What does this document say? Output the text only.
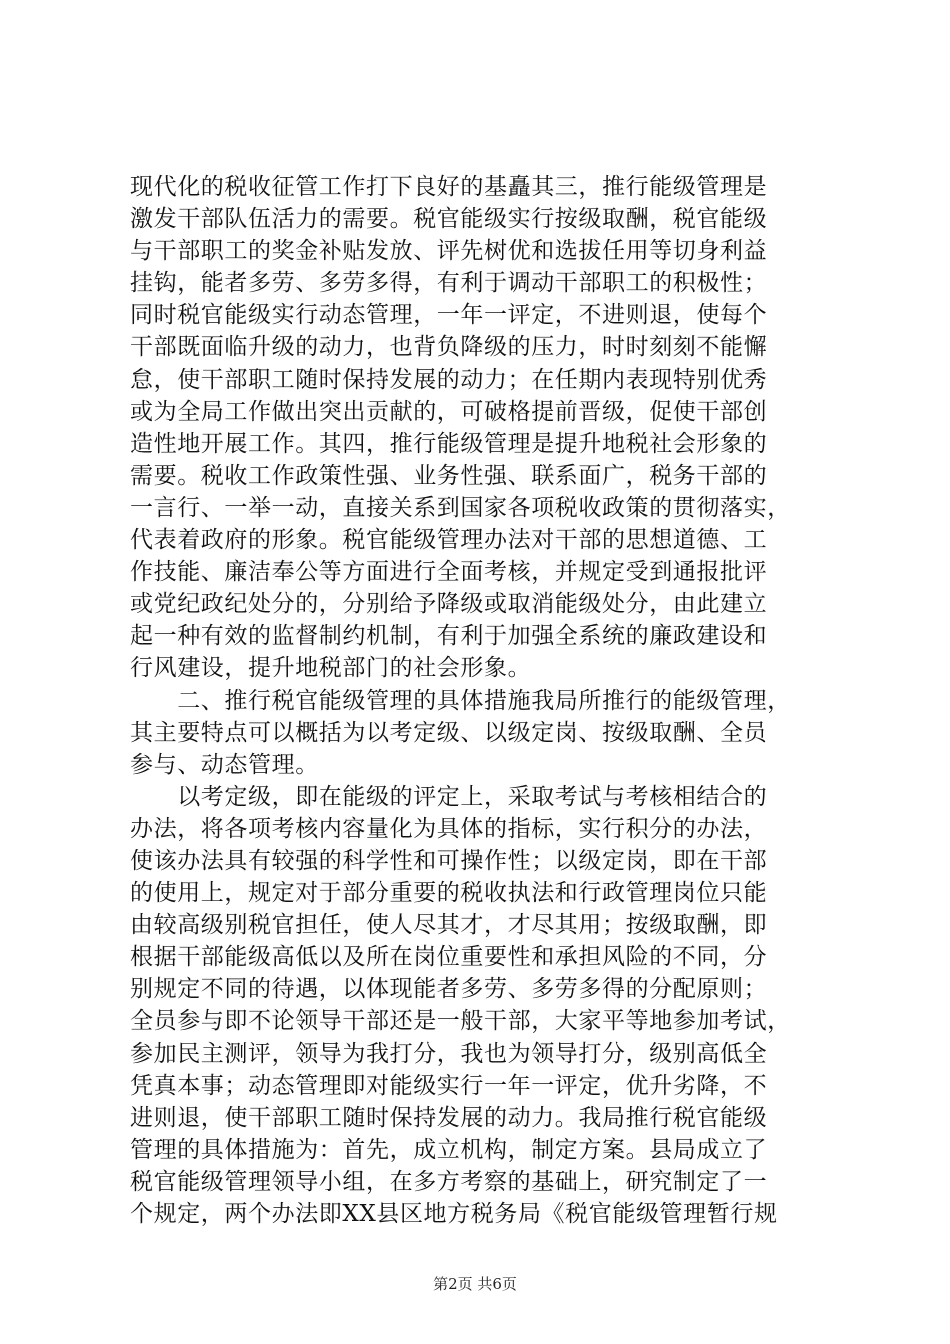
现代化的税收征管工作打下良好的基矗其三，推行能级管理是
激发干部队伍活力的需要。税官能级实行按级取酬，税官能级
与干部职工的奖金补贴发放、评先树优和选拔任用等切身利益
挂钩，能者多劳、多劳多得，有利于调动干部职工的积极性；
同时税官能级实行动态管理，一年一评定，不进则退，使每个
干部既面临升级的动力，也背负降级的压力，时时刻刻不能懈
怠，使干部职工随时保持发展的动力；在任期内表现特别优秀
或为全局工作做出突出贡献的，可破格提前晋级，促使干部创
造性地开展工作。其四，推行能级管理是提升地税社会形象的
需要。税收工作政策性强、业务性强、联系面广，税务干部的
一言行、一举一动，直接关系到国家各项税收政策的贯彻落实，
代表着政府的形象。税官能级管理办法对干部的思想道德、工
作技能、廉洁奉公等方面进行全面考核，并规定受到通报批评
或党纪政纪处分的，分别给予降级或取消能级处分，由此建立
起一种有效的监督制约机制，有利于加强全系统的廉政建设和
行风建设，提升地税部门的社会形象。
　　二、推行税官能级管理的具体措施我局所推行的能级管理，
其主要特点可以概括为以考定级、以级定岗、按级取酬、全员
参与、动态管理。
　　以考定级，即在能级的评定上，采取考试与考核相结合的
办法，将各项考核内容量化为具体的指标，实行积分的办法，
使该办法具有较强的科学性和可操作性；以级定岗，即在干部
的使用上，规定对于部分重要的税收执法和行政管理岗位只能
由较高级别税官担任，使人尽其才，才尽其用；按级取酬，即
根据干部能级高低以及所在岗位重要性和承担风险的不同，分
别规定不同的待遇，以体现能者多劳、多劳多得的分配原则；
全员参与即不论领导干部还是一般干部，大家平等地参加考试，
参加民主测评，领导为我打分，我也为领导打分，级别高低全
凭真本事；动态管理即对能级实行一年一评定，优升劣降，不
进则退，使干部职工随时保持发展的动力。我局推行税官能级
管理的具体措施为：首先，成立机构，制定方案。县局成立了
税官能级管理领导小组，在多方考察的基础上，研究制定了一
个规定，两个办法即XX县区地方税务局《税官能级管理暂行规
第2页 共6页
